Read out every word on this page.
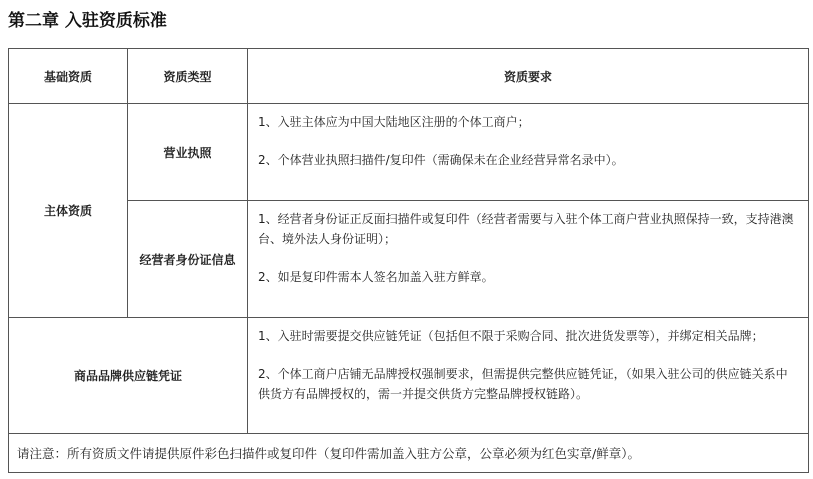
第二章 入驻资质标准
基础资质	资质类型	资质要求
主体资质	营业执照	1、入驻主体应为中国大陆地区注册的个体工商户；

2、个体营业执照扫描件/复印件（需确保未在企业经营异常名录中）。

	经营者身份证信息	1、经营者身份证正反面扫描件或复印件（经营者需要与入驻个体工商户营业执照保持一致，支持港澳台、境外法人身份证明）；

2、如是复印件需本人签名加盖入驻方鲜章。

商品品牌供应链凭证		1、入驻时需要提交供应链凭证（包括但不限于采购合同、批次进货发票等），并绑定相关品牌；

2、个体工商户店铺无品牌授权强制要求，但需提供完整供应链凭证，（如果入驻公司的供应链关系中供货方有品牌授权的，需一并提交供货方完整品牌授权链路）。

请注意：所有资质文件请提供原件彩色扫描件或复印件（复印件需加盖入驻方公章，公章必须为红色实章/鲜章）。		
